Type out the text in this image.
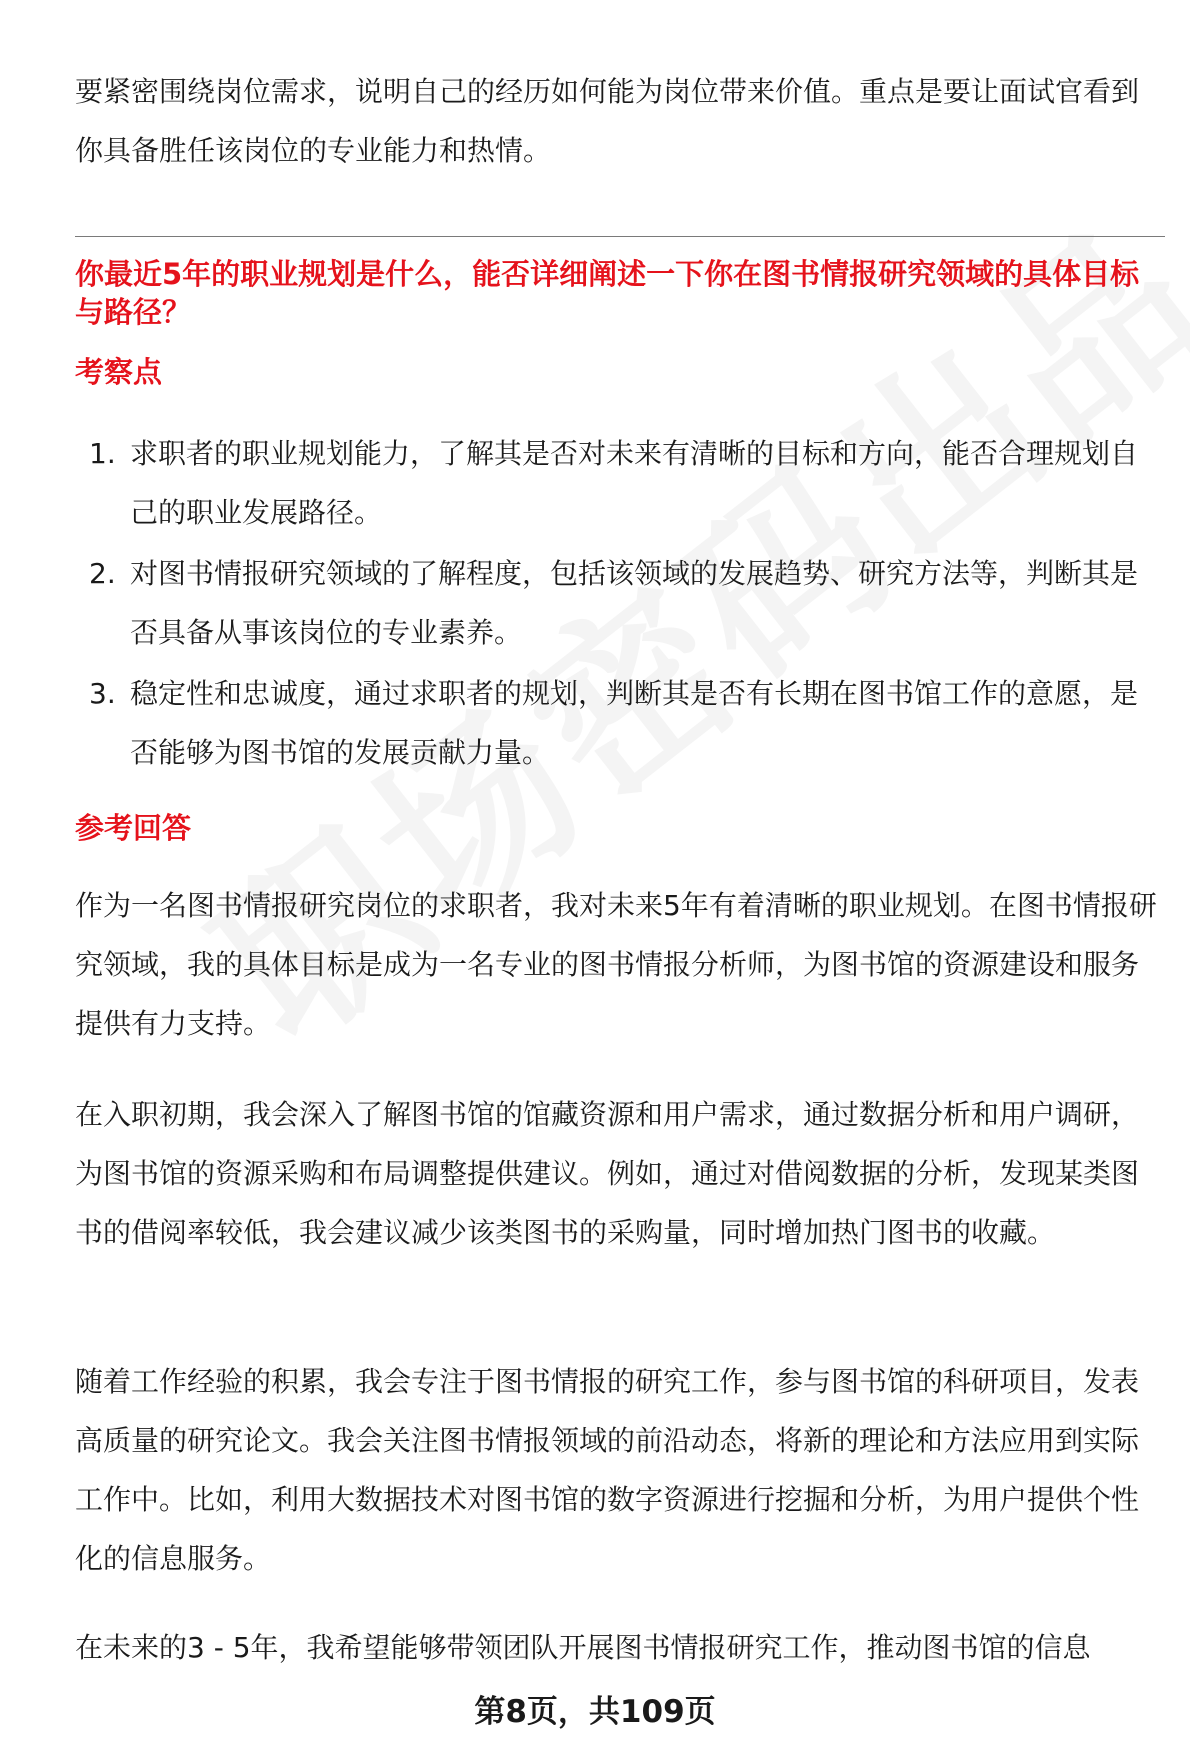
要紧密围绕岗位需求，说明自己的经历如何能为岗位带来价值。重点是要让面试官看到你具备胜任该岗位的专业能力和热情。

你最近5年的职业规划是什么，能否详细阐述一下你在图书情报研究领域的具体目标与路径？

考察点

1. 求职者的职业规划能力，了解其是否对未来有清晰的目标和方向，能否合理规划自己的职业发展路径。
2. 对图书情报研究领域的了解程度，包括该领域的发展趋势、研究方法等，判断其是否具备从事该岗位的专业素养。
3. 稳定性和忠诚度，通过求职者的规划，判断其是否有长期在图书馆工作的意愿，是否能够为图书馆的发展贡献力量。

参考回答

作为一名图书情报研究岗位的求职者，我对未来5年有着清晰的职业规划。在图书情报研究领域，我的具体目标是成为一名专业的图书情报分析师，为图书馆的资源建设和服务提供有力支持。

在入职初期，我会深入了解图书馆的馆藏资源和用户需求，通过数据分析和用户调研，为图书馆的资源采购和布局调整提供建议。例如，通过对借阅数据的分析，发现某类图书的借阅率较低，我会建议减少该类图书的采购量，同时增加热门图书的收藏。

随着工作经验的积累，我会专注于图书情报的研究工作，参与图书馆的科研项目，发表高质量的研究论文。我会关注图书情报领域的前沿动态，将新的理论和方法应用到实际工作中。比如，利用大数据技术对图书馆的数字资源进行挖掘和分析，为用户提供个性化的信息服务。

在未来的3 - 5年，我希望能够带领团队开展图书情报研究工作，推动图书馆的信息

第8页，共109页
